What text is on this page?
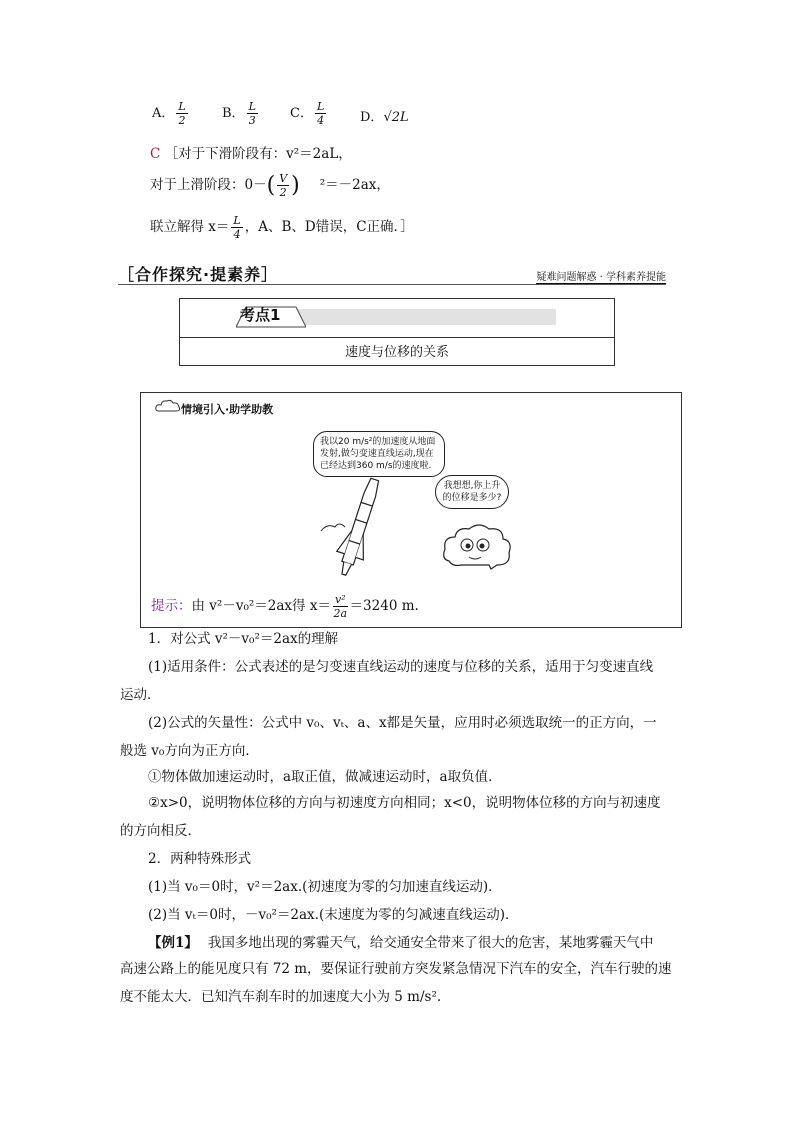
A． $\frac{L}{2}$	B． $\frac{L}{3}$ C． $\frac{L}{4}$	D．√2L
C ［对于下滑阶段有：v²＝2aL，
对于上滑阶段：$0-( \frac{V}{2}$ ) ²＝－2ax，
联立解得 $x= \frac{L}{4}$ ，A、B、D错误，C正确．］
［合作探究·提素养］	疑难问题解惑 · 学科素养提能
考点1
速度与位移的关系
情境引入·助学助教
我以20 m/s²的加速度从地面发射,做匀变速直线运动,现在已经达到360 m/s的速度啦.
我想想,你上升的位移是多少?
提示：由 v²－v₀²＝2ax得 $x= \frac{\text{v²}}{2a} =3240$ m.
1．对公式 v²－v₀²＝2ax的理解
(1)适用条件：公式表述的是匀变速直线运动的速度与位移的关系，适用于匀变速直线
运动．
(2)公式的矢量性：公式中 v₀、vₜ、a、x都是矢量，应用时必须选取统一的正方向，一
般选 v₀方向为正方向．
①物体做加速运动时，a取正值，做减速运动时，a取负值．
②x>0，说明物体位移的方向与初速度方向相同；x<0，说明物体位移的方向与初速度
的方向相反．
2．两种特殊形式
(1)当 v₀＝0时，v²＝2ax.(初速度为零的匀加速直线运动)．
(2)当 vₜ＝0时，－v₀²＝2ax.(末速度为零的匀减速直线运动)．
【例1】 我国多地出现的雾霾天气，给交通安全带来了很大的危害，某地雾霾天气中
高速公路上的能见度只有 72 m，要保证行驶前方突发紧急情况下汽车的安全，汽车行驶的速
度不能太大．已知汽车刹车时的加速度大小为 5 m/s².
